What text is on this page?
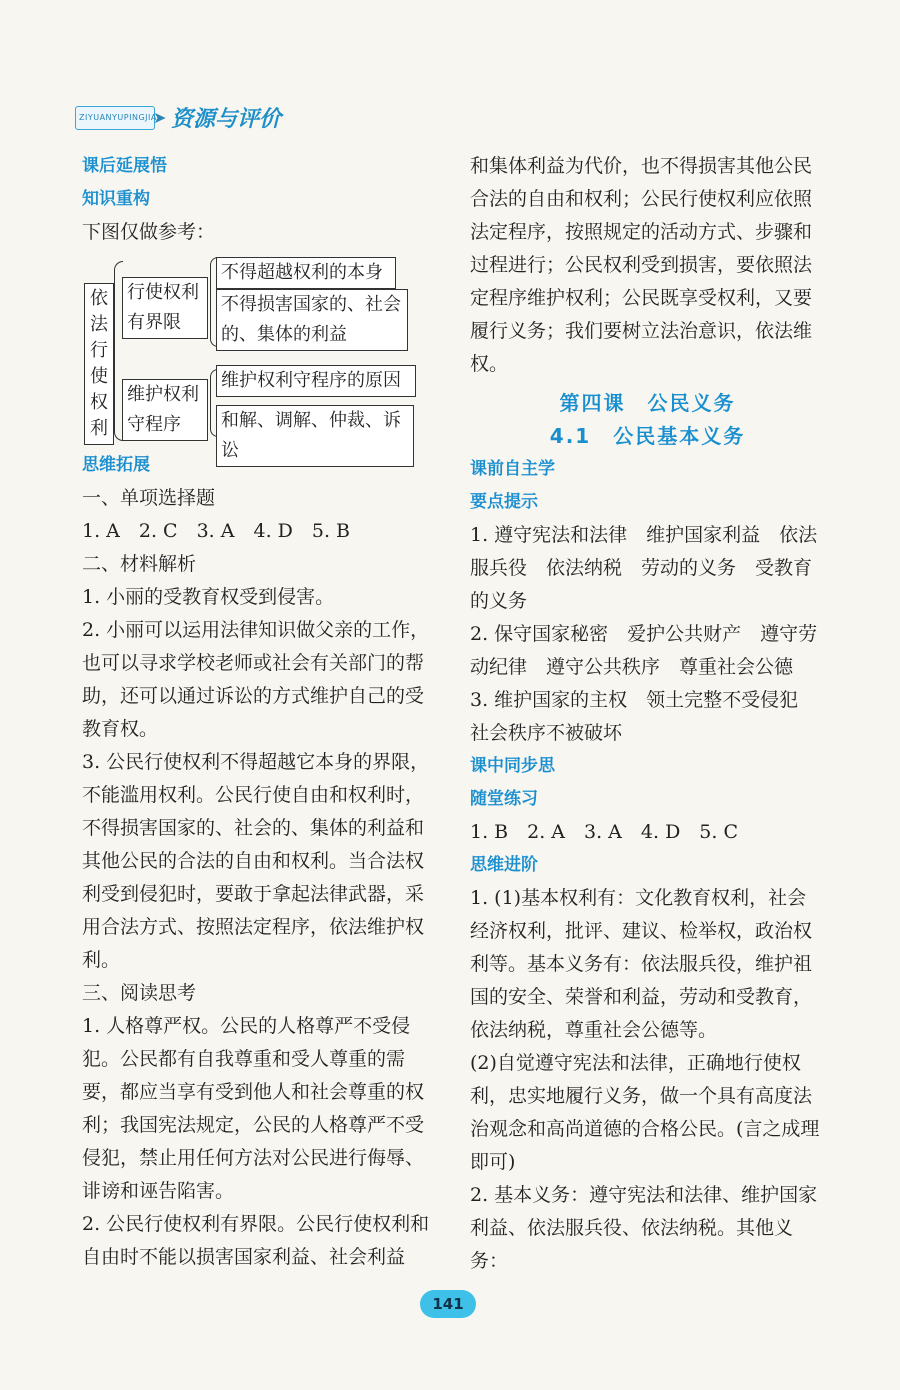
ZIYUANYUPINGJIA
➤ 资源与评价

课后延展悟

知识重构

下图仅做参考：

依法行使权利
行使权利有界限
不得超越权利的本身
不得损害国家的、社会的、集体的利益
维护权利守程序
维护权利守程序的原因
和解、调解、仲裁、诉讼

思维拓展

一、单项选择题

1. A　2. C　3. A　4. D　5. B

二、材料解析

1. 小丽的受教育权受到侵害。

2. 小丽可以运用法律知识做父亲的工作，也可以寻求学校老师或社会有关部门的帮助，还可以通过诉讼的方式维护自己的受教育权。

3. 公民行使权利不得超越它本身的界限，不能滥用权利。公民行使自由和权利时，不得损害国家的、社会的、集体的利益和其他公民的合法的自由和权利。当合法权利受到侵犯时，要敢于拿起法律武器，采用合法方式、按照法定程序，依法维护权利。

三、阅读思考

1. 人格尊严权。公民的人格尊严不受侵犯。公民都有自我尊重和受人尊重的需要，都应当享有受到他人和社会尊重的权利；我国宪法规定，公民的人格尊严不受侵犯，禁止用任何方法对公民进行侮辱、诽谤和诬告陷害。

2. 公民行使权利有界限。公民行使权利和自由时不能以损害国家利益、社会利益

和集体利益为代价，也不得损害其他公民合法的自由和权利；公民行使权利应依照法定程序，按照规定的活动方式、步骤和过程进行；公民权利受到损害，要依照法定程序维护权利；公民既享受权利，又要履行义务；我们要树立法治意识，依法维权。

第四课　公民义务

4.1　公民基本义务

课前自主学

要点提示

1. 遵守宪法和法律　维护国家利益　依法服兵役　依法纳税　劳动的义务　受教育的义务

2. 保守国家秘密　爱护公共财产　遵守劳动纪律　遵守公共秩序　尊重社会公德

3. 维护国家的主权　领土完整不受侵犯　社会秩序不被破坏

课中同步思

随堂练习

1. B　2. A　3. A　4. D　5. C

思维进阶

1. (1)基本权利有：文化教育权利，社会经济权利，批评、建议、检举权，政治权利等。基本义务有：依法服兵役，维护祖国的安全、荣誉和利益，劳动和受教育，依法纳税，尊重社会公德等。

(2)自觉遵守宪法和法律，正确地行使权利，忠实地履行义务，做一个具有高度法治观念和高尚道德的合格公民。(言之成理即可)

2. 基本义务：遵守宪法和法律、维护国家利益、依法服兵役、依法纳税。其他义务：

141
